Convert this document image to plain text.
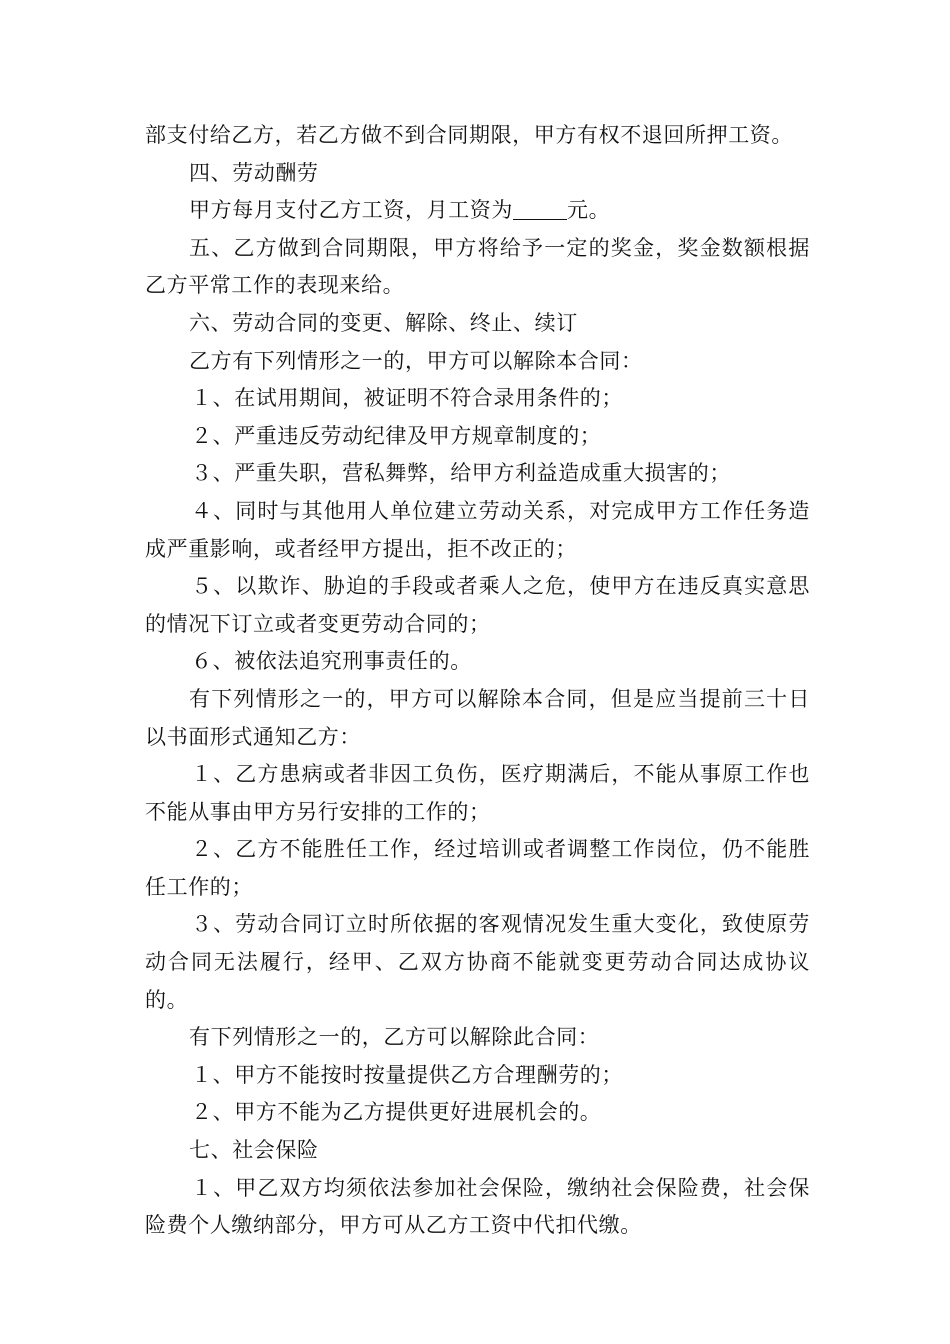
部支付给乙方，若乙方做不到合同期限，甲方有权不退回所押工资。

四、劳动酬劳

甲方每月支付乙方工资，月工资为	元。

五、乙方做到合同期限，甲方将给予一定的奖金，奖金数额根据乙方平常工作的表现来给。

六、劳动合同的变更、解除、终止、续订

乙方有下列情形之一的，甲方可以解除本合同：

１、在试用期间，被证明不符合录用条件的；

２、严重违反劳动纪律及甲方规章制度的；

３、严重失职，营私舞弊，给甲方利益造成重大损害的；

４、同时与其他用人单位建立劳动关系，对完成甲方工作任务造成严重影响，或者经甲方提出，拒不改正的；

５、以欺诈、胁迫的手段或者乘人之危，使甲方在违反真实意思的情况下订立或者变更劳动合同的；

６、被依法追究刑事责任的。

有下列情形之一的，甲方可以解除本合同，但是应当提前三十日以书面形式通知乙方：

１、乙方患病或者非因工负伤，医疗期满后，不能从事原工作也不能从事由甲方另行安排的工作的；

２、乙方不能胜任工作，经过培训或者调整工作岗位，仍不能胜任工作的；

３、劳动合同订立时所依据的客观情况发生重大变化，致使原劳动合同无法履行，经甲、乙双方协商不能就变更劳动合同达成协议的。

有下列情形之一的，乙方可以解除此合同：

１、甲方不能按时按量提供乙方合理酬劳的；

２、甲方不能为乙方提供更好进展机会的。

七、社会保险

１、甲乙双方均须依法参加社会保险，缴纳社会保险费，社会保险费个人缴纳部分，甲方可从乙方工资中代扣代缴。
